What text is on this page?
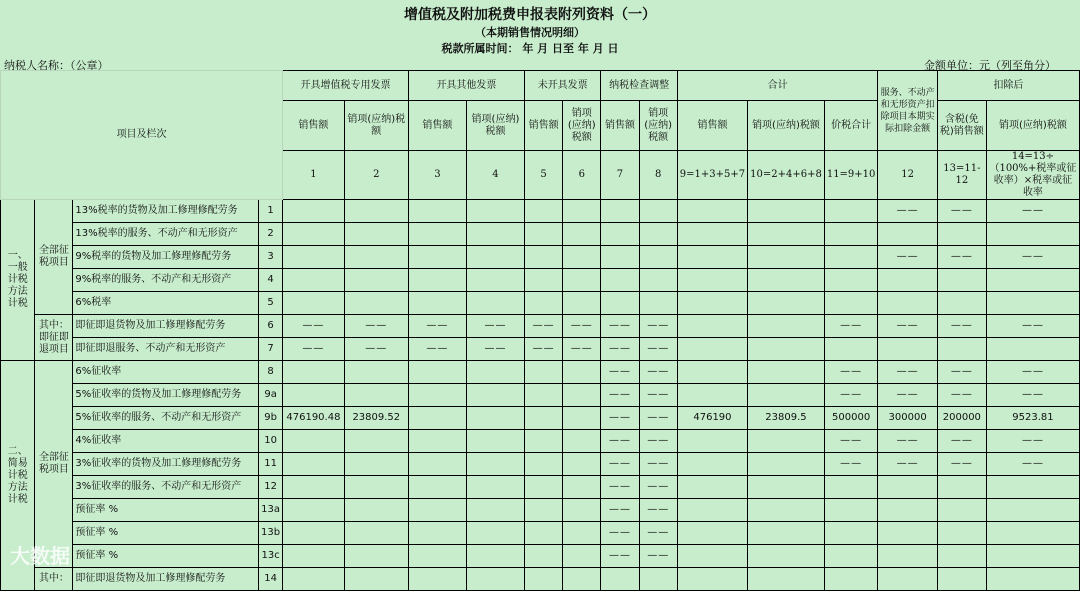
增值税及附加税费申报表附列资料（一）
（本期销售情况明细）
税款所属时间： 年 月 日至 年 月 日
纳税人名称：（公章）	金额单位：元（列至角分）
项目及栏次				开具增值税专用发票		开具其他发票		未开具发票		纳税检查调整		合计			服务、不动产和无形资产扣除项目本期实际扣除金额	扣除后	
				销售额	销项(应纳)税额	销售额	销项(应纳)税额	销售额	销项(应纳)税额	销售额	销项(应纳)税额	销售额	销项(应纳)税额	价税合计		含税(免税)销售额	销项(应纳)税额
				1	2	3	4	5	6	7	8	9=1+3+5+7	10=2+4+6+8	11=9+10	12	13=11-12	14=13÷（100%+税率或征收率）×税率或征收率
一、一般计税方法计税	全部征税项目	13%税率的货物及加工修理修配劳务	1												——	——	——
		13%税率的服务、不动产和无形资产	2														
		9%税率的货物及加工修理修配劳务	3												——	——	——
		9%税率的服务、不动产和无形资产	4														
		6%税率	5														
	其中：即征即退项目	即征即退货物及加工修理修配劳务	6	——	——	——	——	——	——	——	——			——	——	——	——
		即征即退服务、不动产和无形资产	7	——	——	——	——	——	——	——	——						
二、简易计税方法计税	全部征税项目	6%征收率	8							——	——			——	——	——	——
		5%征收率的货物及加工修理修配劳务	9a							——	——			——	——	——	——
		5%征收率的服务、不动产和无形资产	9b	476190.48	23809.52					——	——	476190	23809.5	500000	300000	200000	9523.81
		4%征收率	10							——	——			——	——	——	——
		3%征收率的货物及加工修理修配劳务	11							——	——			——	——	——	——
		3%征收率的服务、不动产和无形资产	12							——	——						
		预征率 %	13a							——	——						
		预征率 %	13b							——	——						
		预征率 %	13c							——	——						
	其中：	即征即退货物及加工修理修配劳务	14														
大数据
